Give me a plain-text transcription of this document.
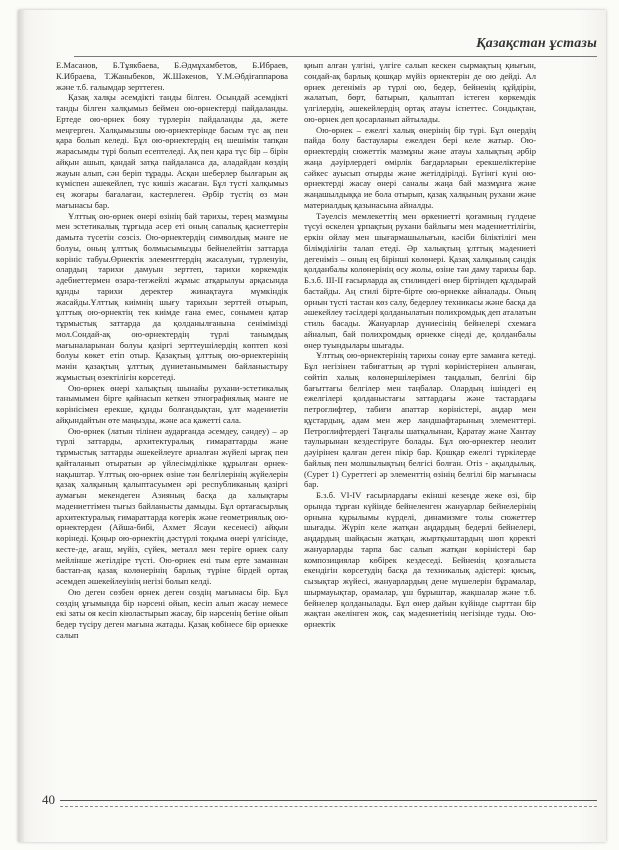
Қазақстан ұстазы

Е.Масанов, Б.Тұякбаева, Б.Әдмұхамбетов, Б.Ибраев, К.Ибраева, Т.Жаныбеков, Ж.Шәкенов, Ү.М.Әбдіғаппарова және т.б. ғалымдар зерттеген.

Қазақ халқы әсемдікті танды білген. Осындай әсемдікті танды білген халқымыз беймен ою-өрнектерді пайдаланды. Ертеде ою-өрнек бояу түрлерін пайдаланды да, жете меңгерген. Халқымызшы ою-өрнектерінде басым түс ақ пен қара болып келеді. Бұл ою-өрнектердің ең шешімін тапқан жарасымды түрі болып есептеледі. Ақ пен қара түс бір – бірін айқын ашып, қандай затқа пайдаланса да, аладайдан көздің жауын алып, сән беріп тұрады. Асқан шеберлер былғарын ақ күміспен әшекейлеп, түс кишіз жасаған. Бұл түсті халқымыз ең жоғары бағалаған, кастерлеген. Әрбір түстің өз мән мағынасы бар.

Ұлттық ою-өрнек өнері өзінің бай тарихы, терең мазмұны мен эстетикалық тұрғыда әсер еті оның сапалық қасиеттерін дамыта түсетін сөзсіз. Ою-өрнектердің символдық мәнге не болуы, оның ұлттық болмысымызды бейнелейтін заттарда көрініс табуы.Өрнектік элементтердің жасалуын, түрленуін, олардың тарихи дамуын зерттеп, тарихи көркемдік әдебиеттермен өзара-тегжейлі жұмыс атқарылуы арқасында құнды тарихи деректер жинақтауға мүмкіндік жасайды.Ұлттық киімнің шығу тарихын зерттей отырып, ұлттық ою-өрнектің тек киімде ғана емес, сонымен қатар тұрмыстық заттарда да қолданылғанына сенімімізді мол.Сондай-ақ ою-өрнектердің түрлі танымдық мағыналарынан болуы қазіргі зерттеушілердің көптеп көзі болуы көкет етіп отыр. Қазақтың ұлттық ою-өрнектерінің мәнін қазақтың ұлттық дүниетанымымен байланыстыру жұмыстың өзектілігін көрсетеді.

Ою-өрнек өнері халықтың шынайы рухани-эстетикалық танымымен бірге қайнасып кеткен этнографиялық мәнге не көрінісімен ерекше, құнды болғандықтан, ұлт мәдениетін айқындайтын өте маңызды, және аса қажетті сала.

Ою-өрнек (латын тілінен аударғанда әсемдеу, сәндеу) – әр түрлі заттарды, архитектуралық ғимараттарды және тұрмыстық заттарды әшекейлеуге арналған жүйелі ырғақ пен қайталанып отыратын әр үйлесімділікке құрылған өрнек-нақыштар. Ұлттық ою-өрнек өзіне тән белгілерінің жүйелерін қазақ халқының қалыптасуымен әрі республиканың қазіргі аумағын мекендеген Азияның басқа да халықтары мәдениеттімен тығыз байланысты дамыды. Бұл ортағасырлық архитектуралық ғимараттарда көгерік және геометриялық ою-өрнектерден (Айша-бибі, Ахмет Ясауи кесенесі) айқын көрінеді. Қоңыр ою-өрнектің дәстүрлі тоқыма өнері үлгісінде, кесте-де, ағаш, мүйіз, сүйек, металл мен теріге өрнек салу мейлінше жетілдіре түсті. Ою-өрнек ені тым ерте заманнан бастап-ақ қазақ колөнерінің барлық түріне бірдей ортақ әсемдеп әшекейлеуінің негізі болып келді.

Ою деген сөзбен өрнек деген сөздің мағынасы бір. Бұл сөздің ұғымында бір нәрсені ойып, кесіп алып жасау немесе екі заты оя кесіп кіюластырып жасау, бір нәрсенің бетіне ойып бедер түсіру деген мағына жатады. Қазақ көбінесе бір өрнекке салып

қиып алған үлгіні, үлгіге салып кескен сырмақтың қиығын, сондай-ақ барлық қошқар мүйіз өрнектерін де ою дейді. Ал өрнек дегеніміз әр түрлі ою, бедер, бейненің құйдірін, жалатып, бөрт, батырып, қалыптап істеген көркемдік үлгілердің, әшекейлердің ортақ атауы іспеттес. Сондықтан, ою-өрнек деп қосарланып айтылады.

Ою-өрнек – ежелгі халық өнерінің бір түрі. Бұл өнердің пайда болу бастаулары ежелден бері келе жатыр. Ою-өрнектердің сюжеттік мазмұны және атауы халықтың әрбір жаңа дәуірлердегі өмірлік бағдарларын ерекшеліктеріне сәйкес ауысып отырды және жетілдірілді. Бүгінгі күні ою-өрнектерді жасау өнері саналы жаңа бай мазмұнға және жаңашылдыққа ие бола отырып, қазақ халқының рухани және материалдық қазынасына айналды.

Тәуелсіз мемлекеттің мен өркениетті қоғамның гүлдене түсуі өскелен ұрпақтың рухани байлығы мен мәдениеттілігін, еркін ойлау мен шығармашылығын, кәсіби біліктілігі мен білімділігін талап етеді. Әр халықтың ұлттық мәдениеті дегеніміз – оның ең бірінші көлөнері. Қазақ халқының сәндік қолданбалы колөнерінің өсу жолы, өзіне тән даму тарихы бар. Б.з.б. ІІІ-ІІ ғасырларда ақ стилиндегі өнер біртіндеп құлдырай бастайды. Аң стилі бірте-бірте ою-өрнекке айналады. Оның орнын түсті тастан көз салу, бедерлеу техникасы және басқа да әшекейлеу тәсілдері қолданылатын полихромдық деп аталатын стиль басады. Жануарлар дүниесінің бейнелері схемаға айналып, бай полихромдық өрнекке сіңеді де, қолданбалы өнер туындылары шығады.

Ұлттық ою-өрнектерінің тарихы сонау ерте заманға кетеді. Бұл негізінен табиғаттың әр түрлі көріністерінен алынған, сөйтіп халық көлөнершілерімен таңдалып, белгілі бір бағыттағы белгілер мен таңбалар. Олардың ішіндегі ең ежелгілері қолданыстағы заттардағы және тастардағы петроглифтер, табиғи апаттар көріністері, аңдар мен құстардың, адам мен жер ландшафтарының элементтері. Петроглифтердегі Таңғалы шатқалынан, Қаратау және Хантау таулырынан кездестіруге болады. Бұл ою-өрнектер неолит дәуірінен қалған деген пікір бар. Қошқар ежелгі түркілерде байлық пен молшылықтың белгісі болған. Отіз - ақылдылық. (Сурет 1) Суреттегі әр элементтің өзінің белгілі бір мағынасы бар.

Б.з.б. VI-IV ғасырлардағы екінші кезеңде жеке өзі, бір орында тұрған күйінде бейнеленген жануарлар бейнелерінің орнына құрылымы күрделі, динамизмге толы сюжеттер шығады. Жүріп келе жатқан аңдардың бедерлі бейнелері, аңдардың шайқасын жатқан, жыртқыштардың шөп қоректі жануарларды тарпа бас салып жатқан көріністері бар композициялар көбірек кездеседі. Бейненің қозғалыста екендігін көрсетудің басқа да техникалық әдістері: қисық, сызықтар жүйесі, жануарлардың дене мүшелерін бұрамалар, шырмауықтар, орамалар, ұш бұрыштар, жақшалар және т.б. бейнелер қолданылады. Бұл өнер дайын күйінде сырттан бір жақтан әкелінген жоқ, сақ мәдениетінің негізінде туды. Ою-өрнектік

40
